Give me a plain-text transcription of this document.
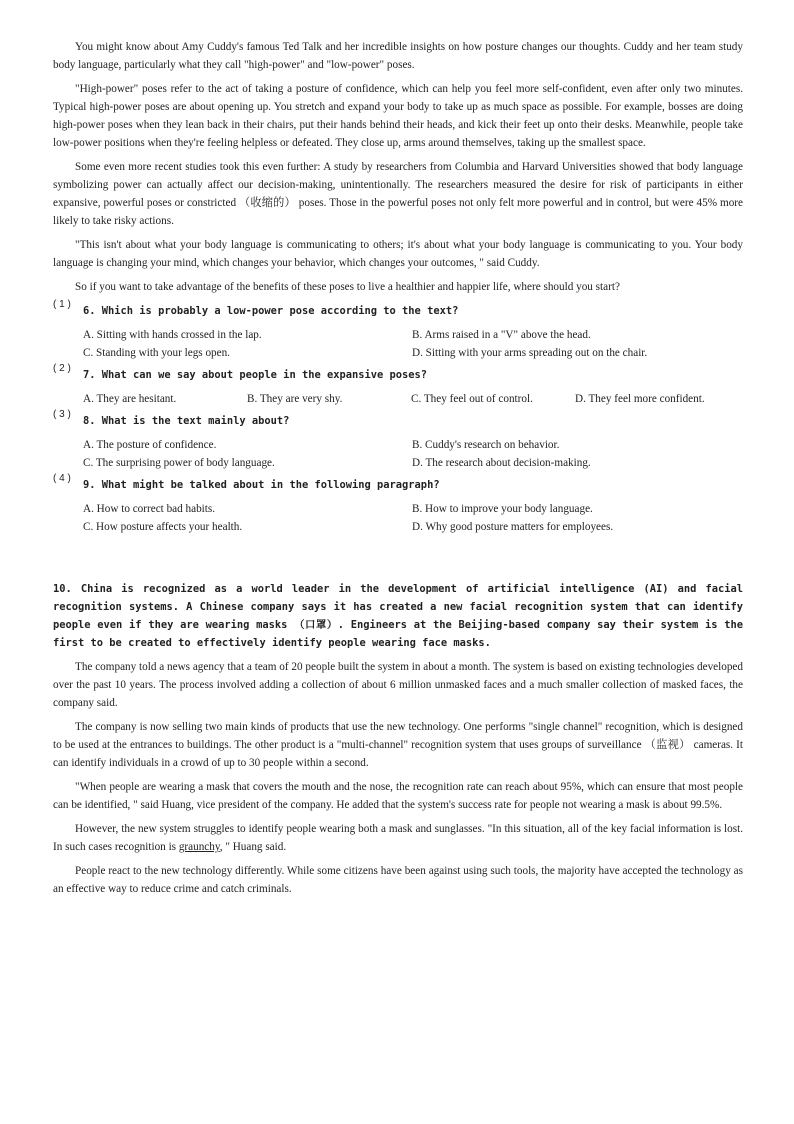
You might know about Amy Cuddy's famous Ted Talk and her incredible insights on how posture changes our thoughts. Cuddy and her team study body language, particularly what they call "high-power" and "low-power" poses.

"High-power" poses refer to the act of taking a posture of confidence, which can help you feel more self-confident, even after only two minutes. Typical high-power poses are about opening up. You stretch and expand your body to take up as much space as possible. For example, bosses are doing high-power poses when they lean back in their chairs, put their hands behind their heads, and kick their feet up onto their desks. Meanwhile, people take low-power positions when they're feeling helpless or defeated. They close up, arms around themselves, taking up the smallest space.

Some even more recent studies took this even further: A study by researchers from Columbia and Harvard Universities showed that body language symbolizing power can actually affect our decision-making, unintentionally. The researchers measured the desire for risk of participants in either expansive, powerful poses or constricted （收缩的） poses. Those in the powerful poses not only felt more powerful and in control, but were 45% more likely to take risky actions.

"This isn't about what your body language is communicating to others; it's about what your body language is communicating to you. Your body language is changing your mind, which changes your behavior, which changes your outcomes, " said Cuddy.

So if you want to take advantage of the benefits of these poses to live a healthier and happier life, where should you start?

( 1 )

6. Which is probably a low-power pose according to the text?

A. Sitting with hands crossed in the lap.	B. Arms raised in a "V" above the head.
C. Standing with your legs open.	D. Sitting with your arms spreading out on the chair.
( 2 )

7. What can we say about people in the expansive poses?

A. They are hesitant.	B. They are very shy.	C. They feel out of control.	D. They feel more confident.
( 3 )

8. What is the text mainly about?

A. The posture of confidence.	B. Cuddy's research on behavior.
C. The surprising power of body language.	D. The research about decision-making.
( 4 )

9. What might be talked about in the following paragraph?

A. How to correct bad habits.	B. How to improve your body language.
C. How posture affects your health.	D. Why good posture matters for employees.

10. China is recognized as a world leader in the development of artificial intelligence (AI) and facial recognition systems. A Chinese company says it has created a new facial recognition system that can identify people even if they are wearing masks （口罩）. Engineers at the Beijing-based company say their system is the first to be created to effectively identify people wearing face masks.

The company told a news agency that a team of 20 people built the system in about a month. The system is based on existing technologies developed over the past 10 years. The process involved adding a collection of about 6 million unmasked faces and a much smaller collection of masked faces, the company said.

The company is now selling two main kinds of products that use the new technology. One performs "single channel" recognition, which is designed to be used at the entrances to buildings. The other product is a "multi-channel" recognition system that uses groups of surveillance （监视） cameras. It can identify individuals in a crowd of up to 30 people within a second.

"When people are wearing a mask that covers the mouth and the nose, the recognition rate can reach about 95%, which can ensure that most people can be identified, " said Huang, vice president of the company. He added that the system's success rate for people not wearing a mask is about 99.5%.

However, the new system struggles to identify people wearing both a mask and sunglasses. "In this situation, all of the key facial information is lost. In such cases recognition is graunchy, " Huang said.

People react to the new technology differently. While some citizens have been against using such tools, the majority have accepted the technology as an effective way to reduce crime and catch criminals.
